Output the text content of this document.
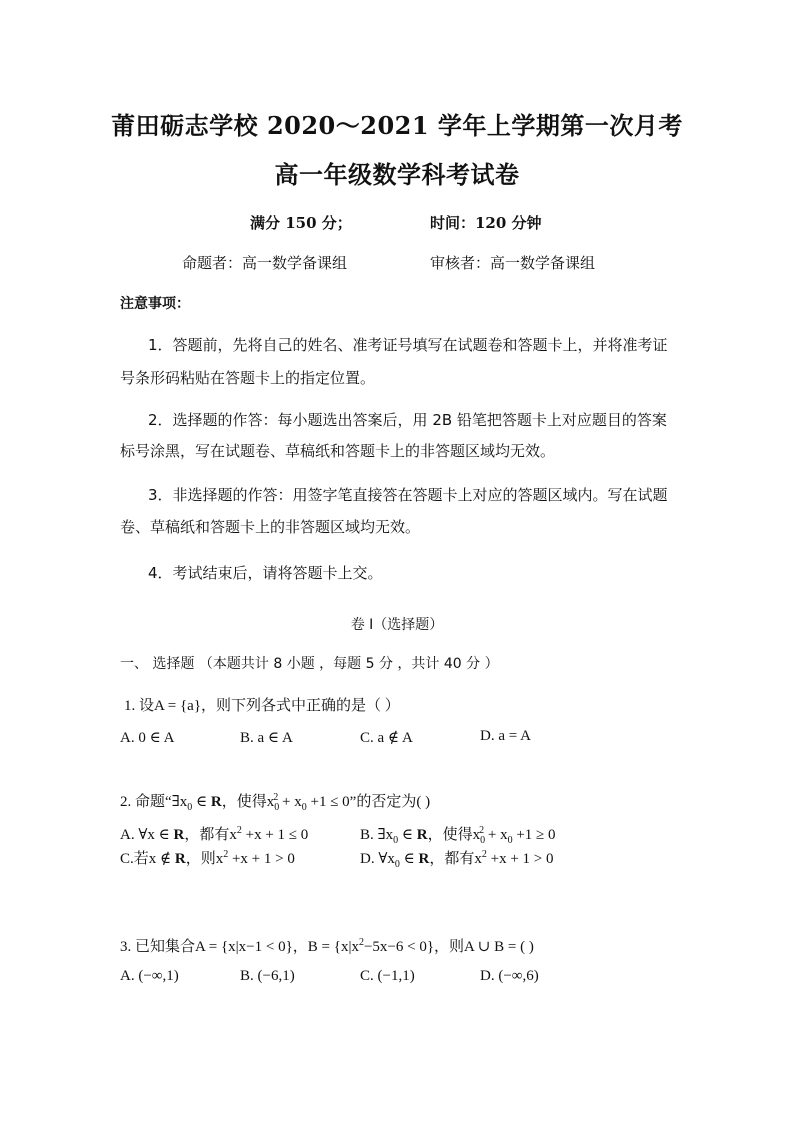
莆田砺志学校 2020～2021 学年上学期第一次月考
高一年级数学科考试卷
满分 150 分；	时间：120 分钟
命题者：高一数学备课组	审核者：高一数学备课组
注意事项：
1．答题前，先将自己的姓名、准考证号填写在试题卷和答题卡上，并将准考证
号条形码粘贴在答题卡上的指定位置。
2．选择题的作答：每小题选出答案后，用 2B 铅笔把答题卡上对应题目的答案
标号涂黑，写在试题卷、草稿纸和答题卡上的非答题区域均无效。
3．非选择题的作答：用签字笔直接答在答题卡上对应的答题区域内。写在试题
卷、草稿纸和答题卡上的非答题区域均无效。
4．考试结束后，请将答题卡上交。
卷 I（选择题）
一、 选择题 （本题共计 8 小题 ，每题 5 分 ，共计 40 分 ）
1. 设A = {a}，则下列各式中正确的是（ ）
A. 0 ∈ A	B. a ∈ A	C. a ∉ A	D. a = A
2. 命题“$\exists x_0$ ∈ R，使得$x_0^2 + x_0 +1 \le 0$”的否定为( )
A. ∀x ∈ R，都有$x^2 +x + 1 \le 0$	B. $\exists x_0$ ∈ R，使得$x_0^2 + x_0 +1 \ge 0$
C.若x ∉ R，则$x^2 +x + 1 > 0$	D. $\forall x_0$ ∈ R，都有$x^2 +x + 1 > 0$
3. 已知集合A = {x|x−1 < 0}，$B = \{x|x^2-5x-6 < 0\}$，则A ∪ B = ( )
A. (−∞,1)	B. (−6,1)	C. (−1,1)	D. (−∞,6)
